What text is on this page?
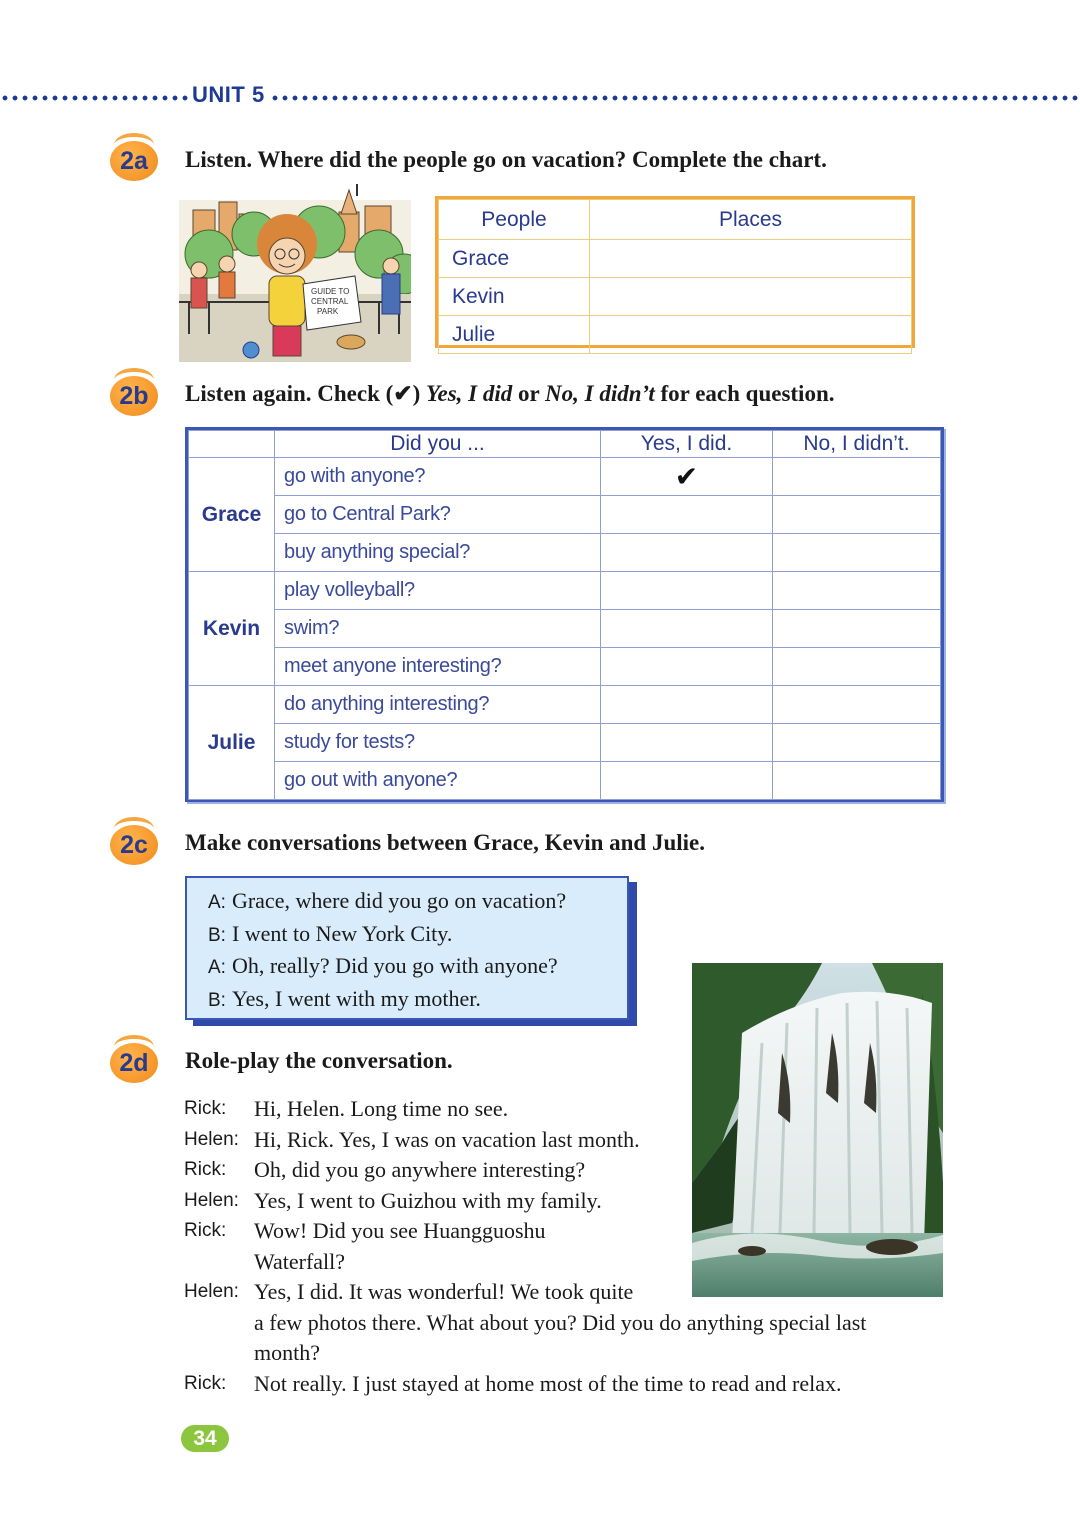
UNIT 5
2a	Listen. Where did the people go on vacation? Complete the chart.
GUIDE TO
CENTRAL
PARK
People	Places
Grace	
Kevin	
Julie	
2b	Listen again. Check (✔) Yes, I did or No, I didn’t for each question.
	Did you ...	Yes, I did.	No, I didn’t.
Grace	go with anyone?	✔	
	go to Central Park?		
	buy anything special?		
Kevin	play volleyball?		
	swim?		
	meet anyone interesting?		
Julie	do anything interesting?		
	study for tests?		
	go out with anyone?		
2c	Make conversations between Grace, Kevin and Julie.
A: Grace, where did you go on vacation?
B: I went to New York City.
A: Oh, really? Did you go with anyone?
B: Yes, I went with my mother.
2d	Role-play the conversation.
Rick: Hi, Helen. Long time no see.
Helen: Hi, Rick. Yes, I was on vacation last month.
Rick: Oh, did you go anywhere interesting?
Helen: Yes, I went to Guizhou with my family.
Rick: Wow! Did you see Huangguoshu
Waterfall?
Helen: Yes, I did. It was wonderful! We took quite
a few photos there. What about you? Did you do anything special last
month?
Rick: Not really. I just stayed at home most of the time to read and relax.
34
